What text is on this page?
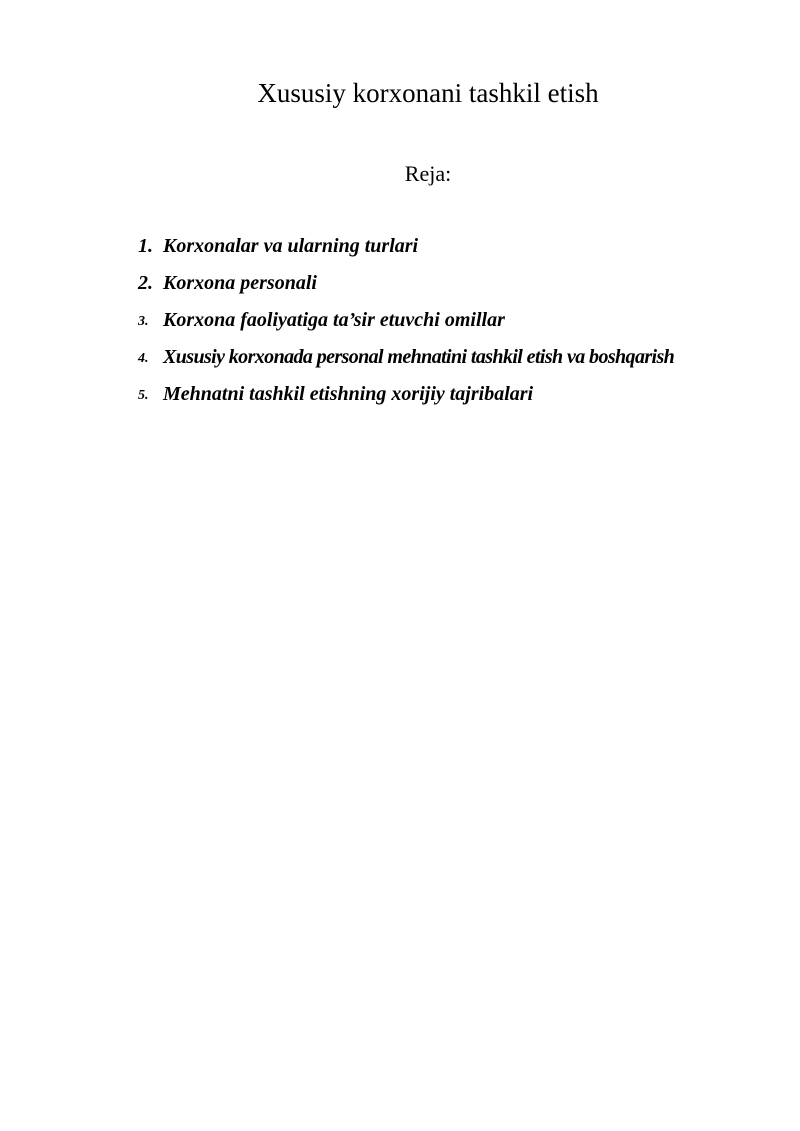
Xususiy korxonani tashkil etish
Reja:
1. Korxonalar va ularning turlari
2. Korxona personali
3. Korxona faoliyatiga ta’sir etuvchi omillar
4. Xususiy korxonada personal mehnatini tashkil etish va boshqarish
5. Mehnatni tashkil etishning xorijiy tajribalari
